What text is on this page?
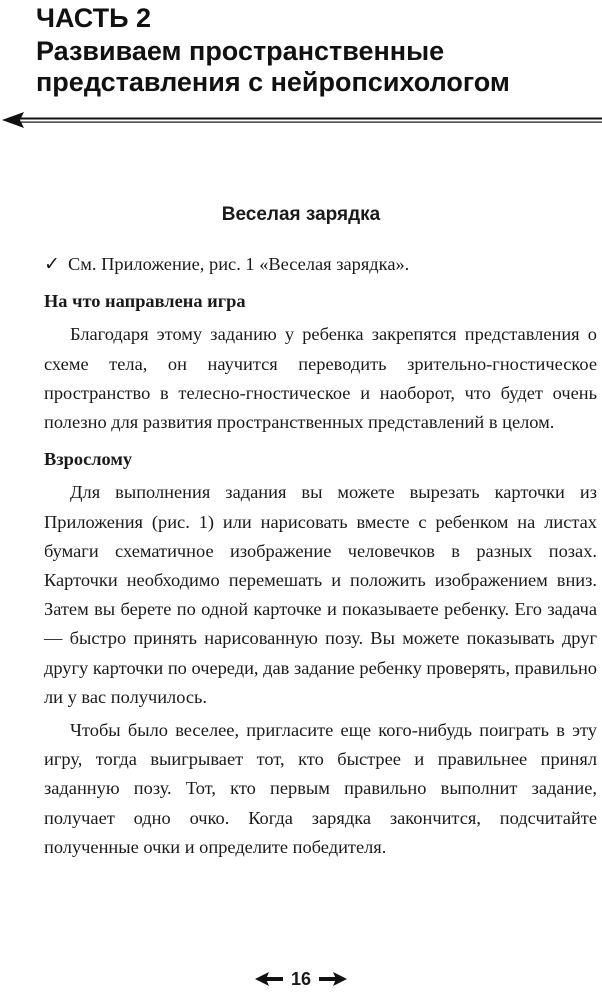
ЧАСТЬ 2
Развиваем пространственные представления с нейропсихологом
Веселая зарядка

✓ См. Приложение, рис. 1 «Веселая зарядка».

На что направлена игра

Благодаря этому заданию у ребенка закрепятся представления о схеме тела, он научится переводить зрительно-гностическое пространство в телесно-гностическое и наоборот, что будет очень полезно для развития пространственных представлений в целом.

Взрослому

Для выполнения задания вы можете вырезать карточки из Приложения (рис. 1) или нарисовать вместе с ребенком на листах бумаги схематичное изображение человечков в разных позах. Карточки необходимо перемешать и положить изображением вниз. Затем вы берете по одной карточке и показываете ребенку. Его задача — быстро принять нарисованную позу. Вы можете показывать друг другу карточки по очереди, дав задание ребенку проверять, правильно ли у вас получилось.

Чтобы было веселее, пригласите еще кого-нибудь поиграть в эту игру, тогда выигрывает тот, кто быстрее и правильнее принял заданную позу. Тот, кто первым правильно выполнит задание, получает одно очко. Когда зарядка закончится, подсчитайте полученные очки и определите победителя.

16
